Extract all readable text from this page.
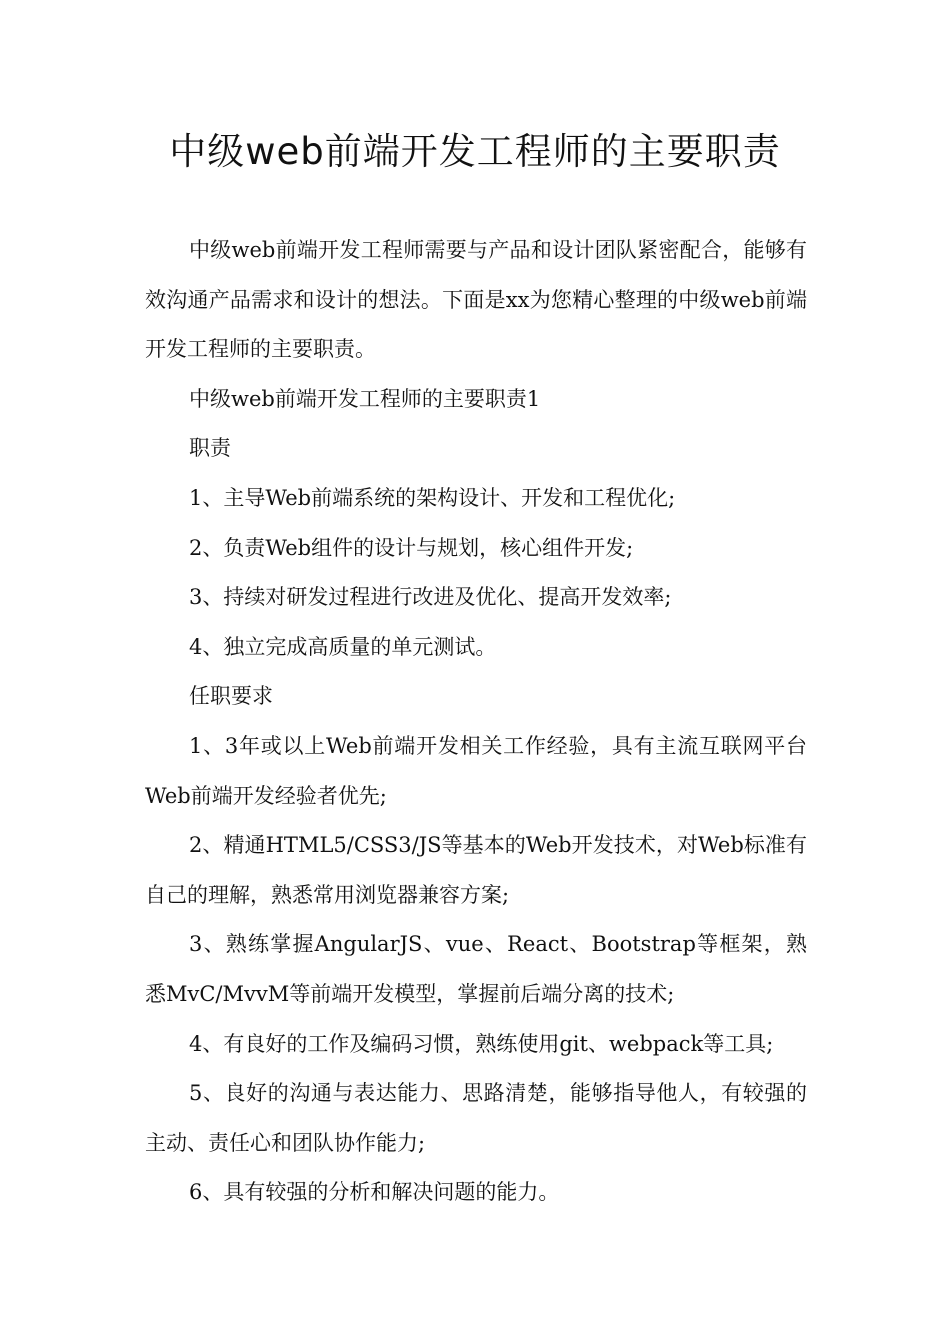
中级web前端开发工程师的主要职责

中级web前端开发工程师需要与产品和设计团队紧密配合，能够有效沟通产品需求和设计的想法。下面是xx为您精心整理的中级web前端开发工程师的主要职责。

中级web前端开发工程师的主要职责1

职责

1、主导Web前端系统的架构设计、开发和工程优化;

2、负责Web组件的设计与规划，核心组件开发;

3、持续对研发过程进行改进及优化、提高开发效率;

4、独立完成高质量的单元测试。

任职要求

1、3年或以上Web前端开发相关工作经验，具有主流互联网平台Web前端开发经验者优先;

2、精通HTML5/CSS3/JS等基本的Web开发技术，对Web标准有自己的理解，熟悉常用浏览器兼容方案;

3、熟练掌握AngularJS、vue、React、Bootstrap等框架，熟悉MvC/MvvM等前端开发模型，掌握前后端分离的技术;

4、有良好的工作及编码习惯，熟练使用git、webpack等工具;

5、良好的沟通与表达能力、思路清楚，能够指导他人，有较强的主动、责任心和团队协作能力;

6、具有较强的分析和解决问题的能力。
